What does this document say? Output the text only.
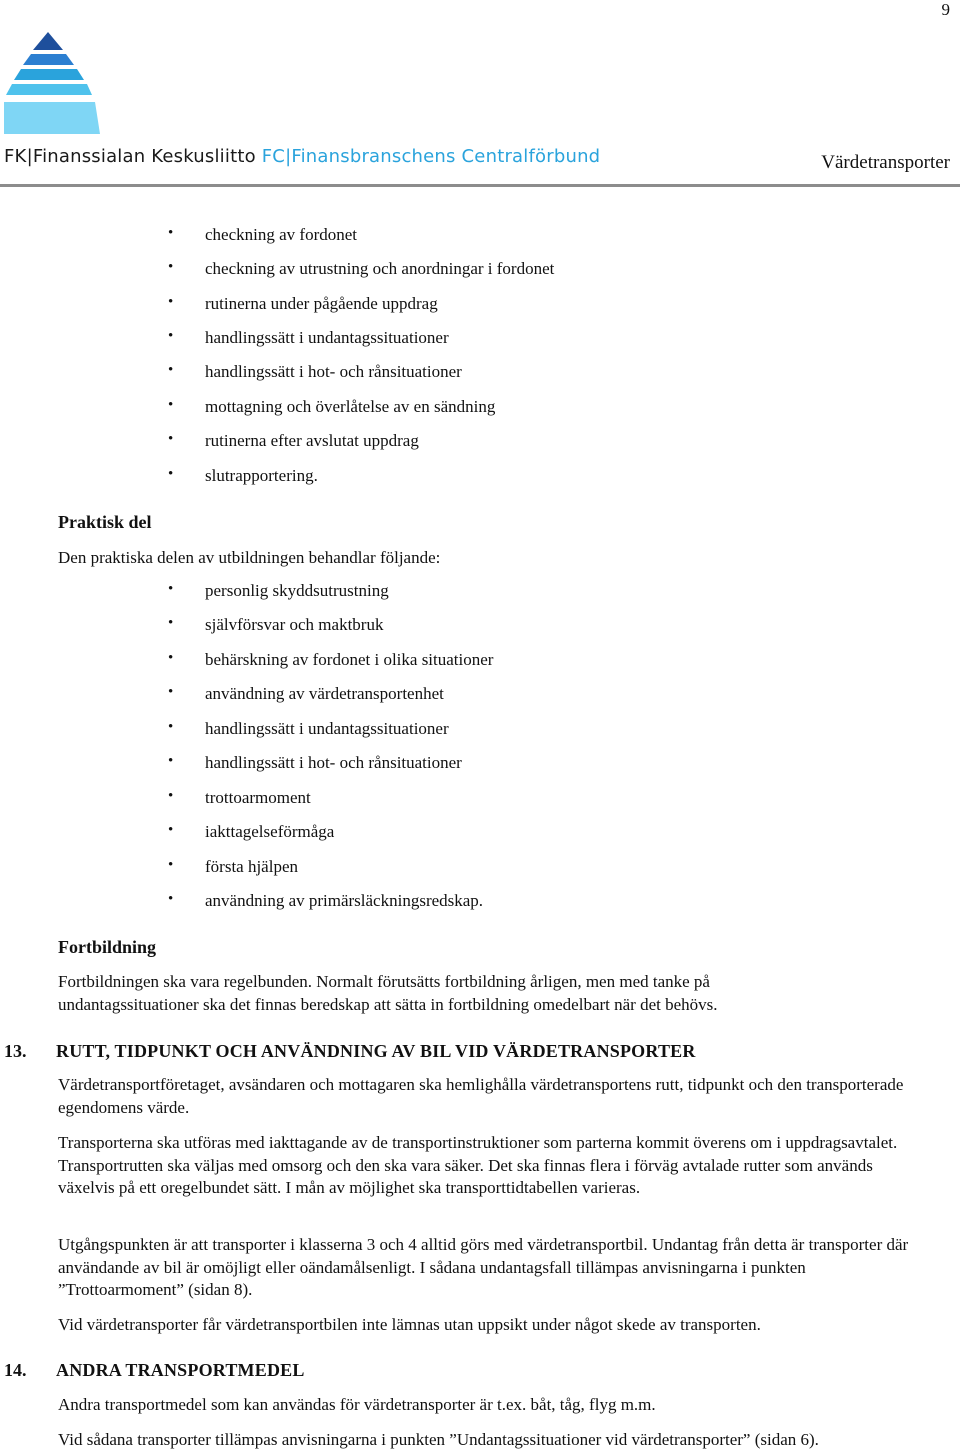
9
FK|Finanssialan Keskusliitto FC|Finansbranschens Centralförbund	Värdetransporter
• checkning av fordonet
• checkning av utrustning och anordningar i fordonet
• rutinerna under pågående uppdrag
• handlingssätt i undantagssituationer
• handlingssätt i hot- och rånsituationer
• mottagning och överlåtelse av en sändning
• rutinerna efter avslutat uppdrag
• slutrapportering.
Praktisk del
Den praktiska delen av utbildningen behandlar följande:
• personlig skyddsutrustning
• självförsvar och maktbruk
• behärskning av fordonet i olika situationer
• användning av värdetransportenhet
• handlingssätt i undantagssituationer
• handlingssätt i hot- och rånsituationer
• trottoarmoment
• iakttagelseförmåga
• första hjälpen
• användning av primärsläckningsredskap.
Fortbildning
Fortbildningen ska vara regelbunden. Normalt förutsätts fortbildning årligen, men med tanke på undantagssituationer ska det finnas beredskap att sätta in fortbildning omedelbart när det behövs.
13. RUTT, TIDPUNKT OCH ANVÄNDNING AV BIL VID VÄRDETRANSPORTER
Värdetransportföretaget, avsändaren och mottagaren ska hemlighålla värdetransportens rutt, tidpunkt och den transporterade egendomens värde.
Transporterna ska utföras med iakttagande av de transportinstruktioner som parterna kommit överens om i uppdragsavtalet. Transportrutten ska väljas med omsorg och den ska vara säker. Det ska finnas flera i förväg avtalade rutter som används växelvis på ett oregelbundet sätt. I mån av möjlighet ska transporttidtabellen varieras.
Utgångspunkten är att transporter i klasserna 3 och 4 alltid görs med värdetransportbil. Undantag från detta är transporter där användande av bil är omöjligt eller oändamålsenligt. I sådana undantagsfall tillämpas anvisningarna i punkten ”Trottoarmoment” (sidan 8).
Vid värdetransporter får värdetransportbilen inte lämnas utan uppsikt under något skede av transporten.
14. ANDRA TRANSPORTMEDEL
Andra transportmedel som kan användas för värdetransporter är t.ex. båt, tåg, flyg m.m.
Vid sådana transporter tillämpas anvisningarna i punkten ”Undantagssituationer vid värdetransporter” (sidan 6).
